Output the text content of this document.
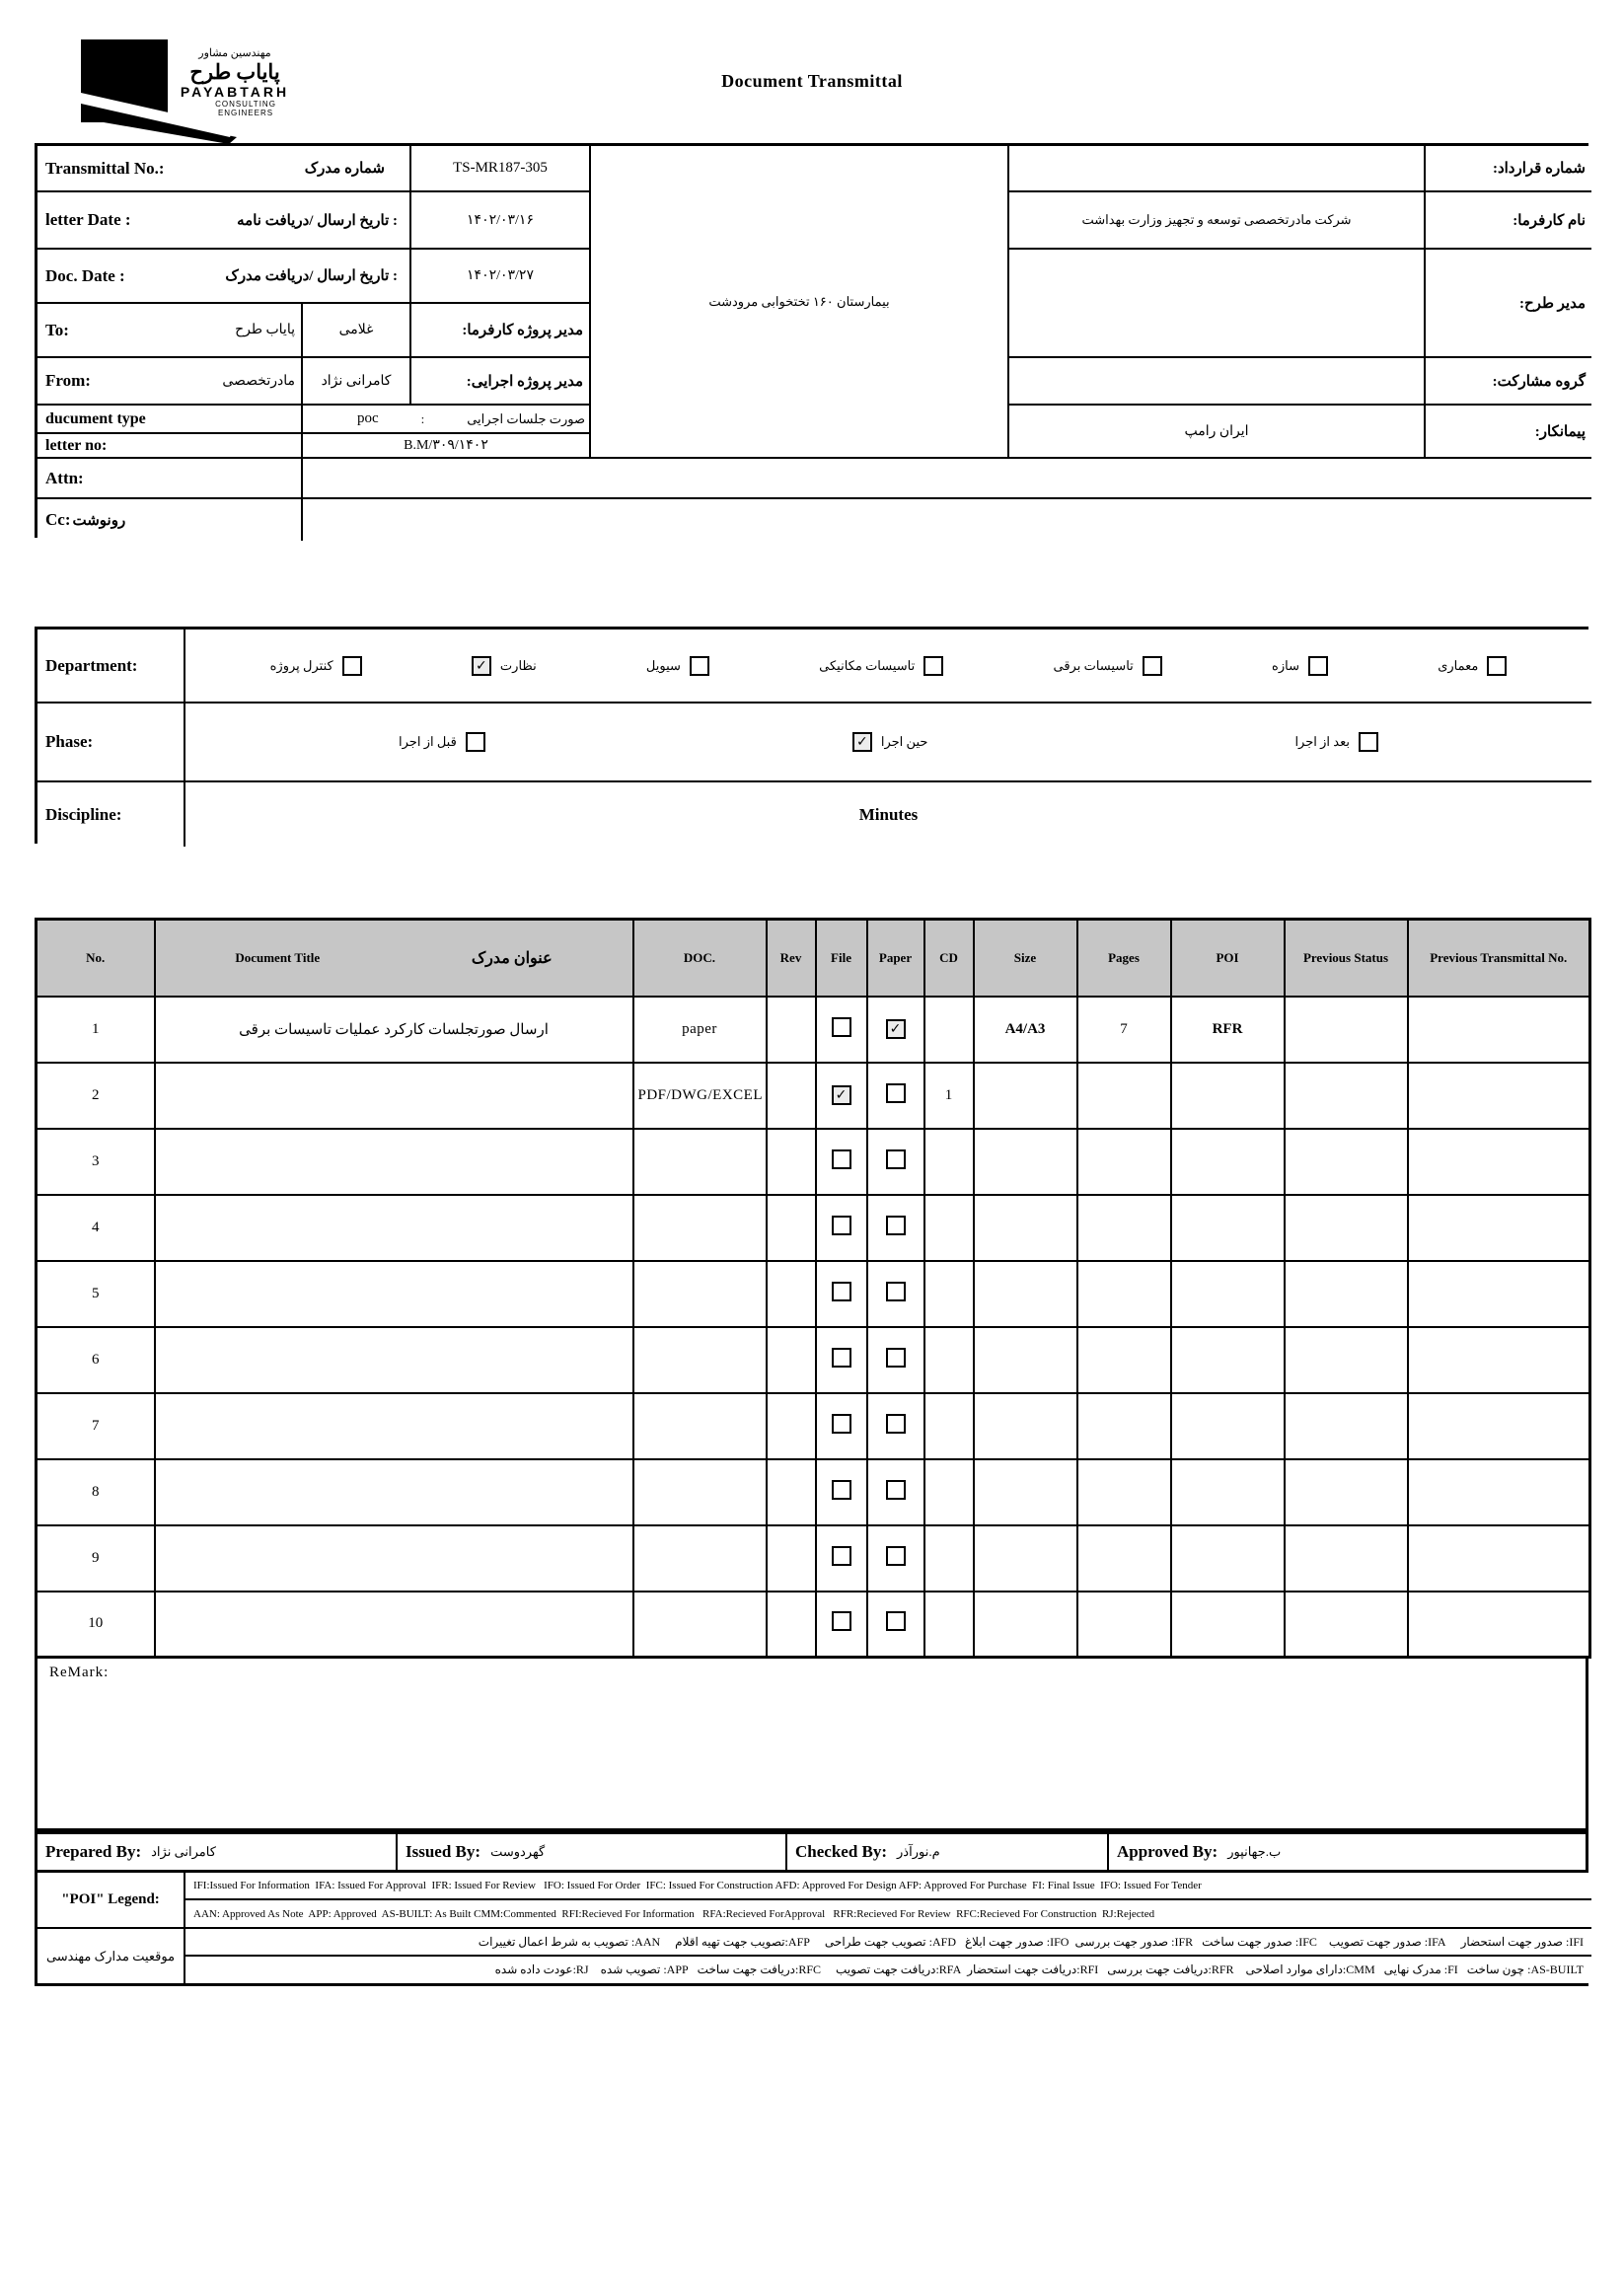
مهندسین مشاور
پایاب طرح
PAYABTARH
CONSULTING ENGINEERS
Document Transmittal
Transmittal No.:	شماره مدرک	TS-MR187-305
letter Date :	تاریخ ارسال /دریافت نامه :	۱۴۰۲/۰۳/۱۶
Doc. Date :	تاریخ ارسال /دریافت مدرک :	۱۴۰۲/۰۳/۲۷
To:	پایاب طرح	غلامی	مدیر پروژه کارفرما:
From:	مادرتخصصی	کامرانی نژاد	مدیر پروژه اجرایی:
ducument type	poc	:	صورت جلسات اجرایی
letter no:	B.M/۳۰۹/۱۴۰۲
Attn:
Cc: رونوشت
بیمارستان ۱۶۰ تختخوابی مرودشت
شماره قرارداد:
شرکت مادرتخصصی توسعه و تجهیز وزارت بهداشت	نام کارفرما:
مدیر طرح:
گروه مشارکت:
ایران رامپ	پیمانکار:
Department:	معماری
سازه
تاسیسات برقی
تاسیسات مکانیکی
سیویل
✓	نظارت
کنترل پروژه
Phase:	بعد از اجرا
✓	حین اجرا
قبل از اجرا
Discipline:	Minutes
No.	Document Title عنوان مدرک	DOC.	Rev	File	Paper	CD	Size	Pages	POI	Previous Status	Previous Transmittal No.
1	ارسال صورتجلسات کارکرد عملیات تاسیسات برقی	paper			✓		A4/A3	7	RFR		
2		PDF/DWG/EXCEL		✓		1					
3											
4											
5											
6											
7											
8											
9											
10											
ReMark:
Prepared By: کامرانی نژاد	Issued By: گهردوست	Checked By: م.نورآذر	Approved By: ب.جهانپور
"POI" Legend:
IFI:Issued For Information  IFA: Issued For Approval  IFR: Issued For Review   IFO: Issued For Order  IFC: Issued For Construction AFD: Approved For Design AFP: Approved For Purchase  FI: Final Issue  IFO: Issued For Tender
AAN: Approved As Note  APP: Approved  AS-BUILT: As Built CMM:Commented  RFI:Recieved For Information   RFA:Recieved ForApproval   RFR:Recieved For Review  RFC:Recieved For Construction  RJ:Rejected
موقعیت مدارک مهندسی
IFI: صدور جهت استحضار     IFA: صدور جهت تصویب    IFC: صدور جهت ساخت   IFR: صدور جهت بررسی  IFO: صدور جهت ابلاغ   AFD: تصویب جهت طراحی     AFP:تصویب جهت تهیه اقلام     AAN: تصویب به شرط اعمال تغییرات
AS-BUILT: چون ساخت   FI: مدرک نهایی   CMM:دارای موارد اصلاحی    RFR:دریافت جهت بررسی   RFI:دریافت جهت استحضار  RFA:دریافت جهت تصویب     RFC:دریافت جهت ساخت   APP: تصویب شده    RJ:عودت داده شده
